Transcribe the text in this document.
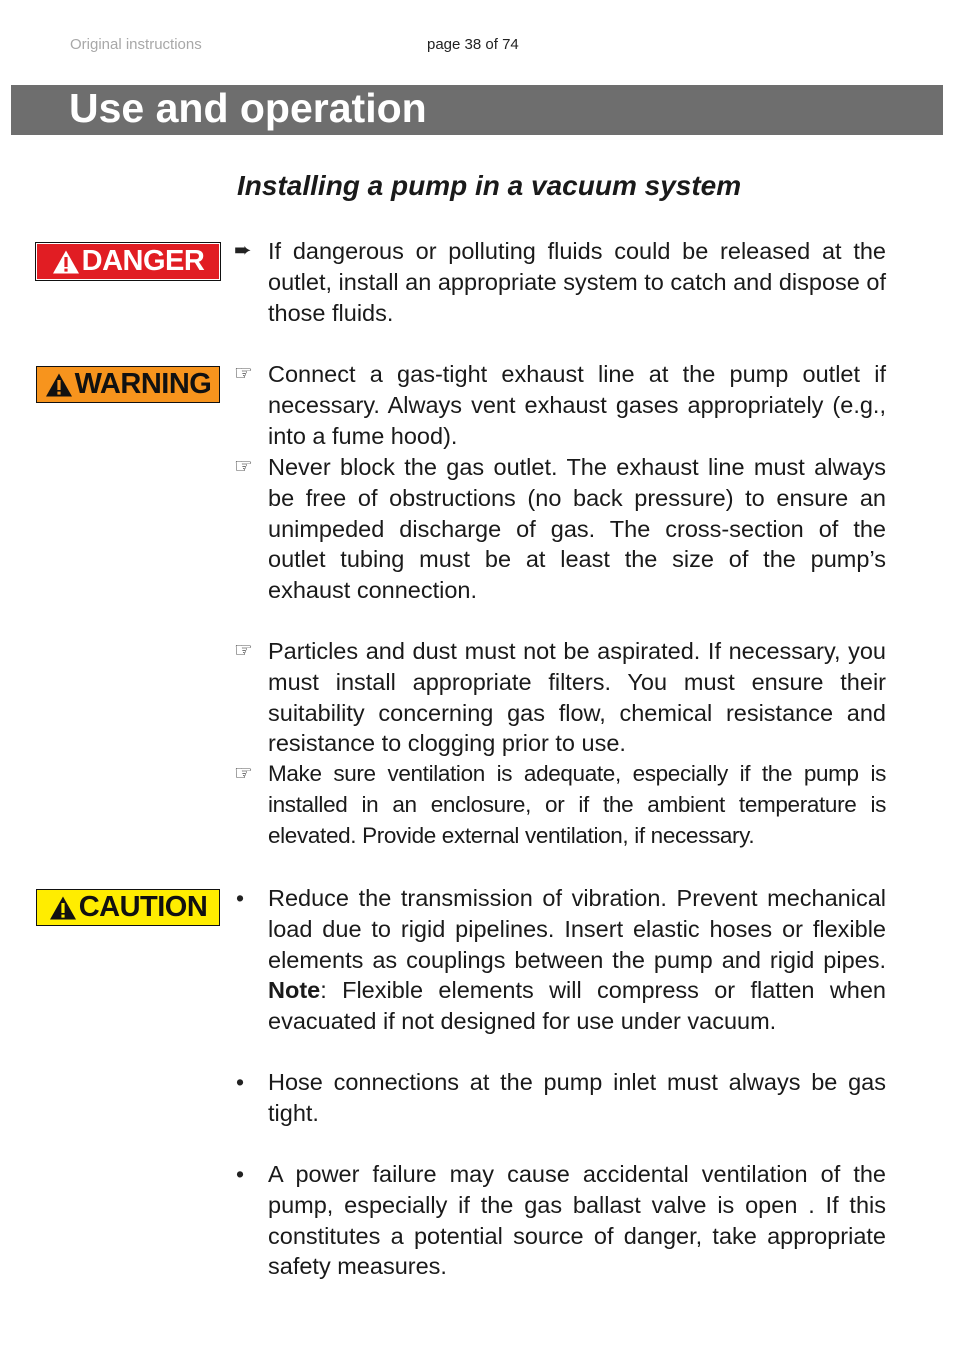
Original instructions	page 38 of 74
Use and operation
Installing a pump in a vacuum system
DANGER
WARNING
CAUTION
➨ If dangerous or polluting fluids could be released at the outlet, install an appropriate system to catch and dispose of those fluids.
☞ Connect a gas-tight exhaust line at the pump outlet if necessary. Always vent exhaust gases appropriately (e.g., into a fume hood).
☞ Never block the gas outlet. The exhaust line must always be free of obstructions (no back pressure) to ensure an unimpeded discharge of gas. The cross-section of the outlet tubing must be at least the size of the pump’s exhaust connection.
☞ Particles and dust must not be aspirated. If necessary, you must install appropriate filters. You must ensure their suitability concerning gas flow, chemical resistance and resistance to clogging prior to use.
☞ Make sure ventilation is adequate, especially if the pump is installed in an enclosure, or if the ambient temperature is elevated. Provide external ventilation, if necessary.
•	Reduce the transmission of vibration. Prevent mechanical load due to rigid pipelines. Insert elastic hoses or flexible elements as couplings between the pump and rigid pipes. Note: Flexible elements will compress or flatten when evacuated if not designed for use under vacuum.
•	Hose connections at the pump inlet must always be gas tight.
•	A power failure may cause accidental ventilation of the pump, especially if the gas ballast valve is open . If this constitutes a potential source of danger, take appropriate safety measures.
